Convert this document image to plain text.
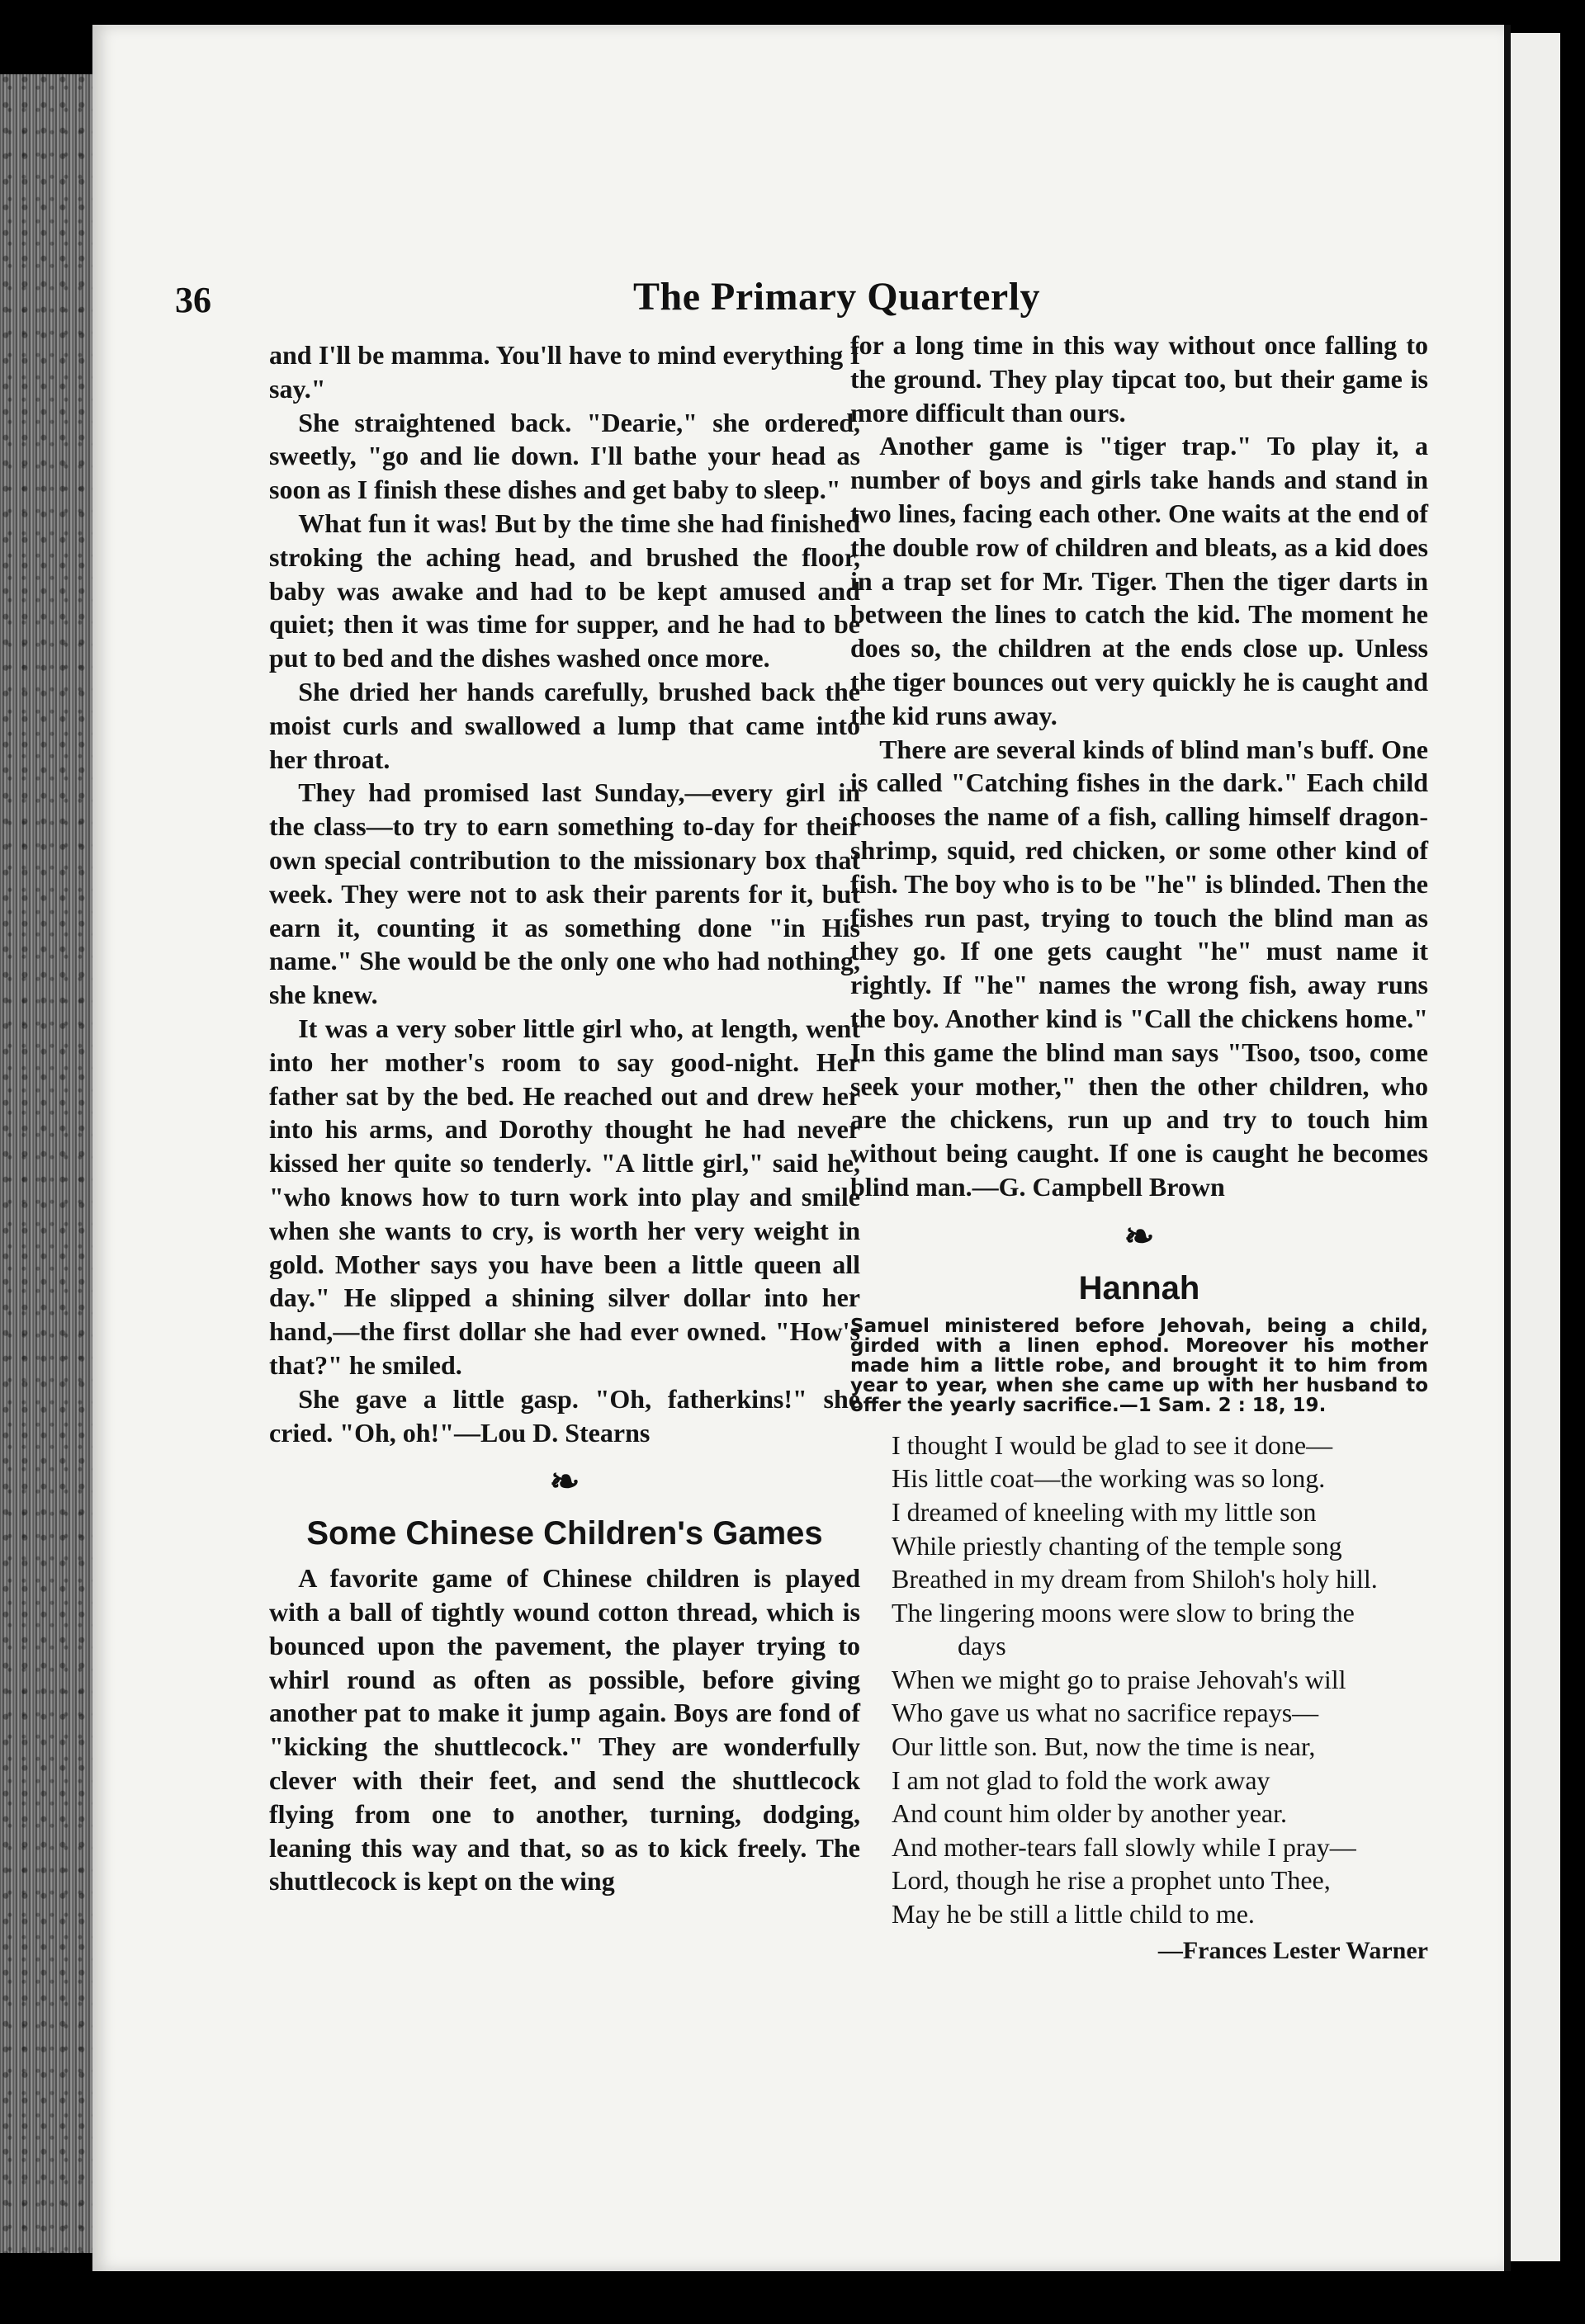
36	The Primary Quarterly

and I'll be mamma. You'll have to mind everything I say."

She straightened back. "Dearie," she ordered, sweetly, "go and lie down. I'll bathe your head as soon as I finish these dishes and get baby to sleep."

What fun it was! But by the time she had finished stroking the aching head, and brushed the floor, baby was awake and had to be kept amused and quiet; then it was time for supper, and he had to be put to bed and the dishes washed once more.

She dried her hands carefully, brushed back the moist curls and swallowed a lump that came into her throat.

They had promised last Sunday,—every girl in the class—to try to earn something to-day for their own special contribution to the missionary box that week. They were not to ask their parents for it, but earn it, counting it as something done "in His name." She would be the only one who had nothing, she knew.

It was a very sober little girl who, at length, went into her mother's room to say good-night. Her father sat by the bed. He reached out and drew her into his arms, and Dorothy thought he had never kissed her quite so tenderly. "A little girl," said he, "who knows how to turn work into play and smile when she wants to cry, is worth her very weight in gold. Mother says you have been a little queen all day." He slipped a shining silver dollar into her hand,—the first dollar she had ever owned. "How's that?" he smiled.

She gave a little gasp. "Oh, fatherkins!" she cried. "Oh, oh!"—Lou D. Stearns

❧
Some Chinese Children's Games

A favorite game of Chinese children is played with a ball of tightly wound cotton thread, which is bounced upon the pavement, the player trying to whirl round as often as possible, before giving another pat to make it jump again. Boys are fond of "kicking the shuttlecock." They are wonderfully clever with their feet, and send the shuttlecock flying from one to another, turning, dodging, leaning this way and that, so as to kick freely. The shuttlecock is kept on the wing

for a long time in this way without once falling to the ground. They play tipcat too, but their game is more difficult than ours.

Another game is "tiger trap." To play it, a number of boys and girls take hands and stand in two lines, facing each other. One waits at the end of the double row of children and bleats, as a kid does in a trap set for Mr. Tiger. Then the tiger darts in between the lines to catch the kid. The moment he does so, the children at the ends close up. Unless the tiger bounces out very quickly he is caught and the kid runs away.

There are several kinds of blind man's buff. One is called "Catching fishes in the dark." Each child chooses the name of a fish, calling himself dragon-shrimp, squid, red chicken, or some other kind of fish. The boy who is to be "he" is blinded. Then the fishes run past, trying to touch the blind man as they go. If one gets caught "he" must name it rightly. If "he" names the wrong fish, away runs the boy. Another kind is "Call the chickens home." In this game the blind man says "Tsoo, tsoo, come seek your mother," then the other children, who are the chickens, run up and try to touch him without being caught. If one is caught he becomes blind man.—G. Campbell Brown

❧
Hannah
Samuel ministered before Jehovah, being a child, girded with a linen ephod. Moreover his mother made him a little robe, and brought it to him from year to year, when she came up with her husband to offer the yearly sacrifice.—1 Sam. 2 : 18, 19.
I thought I would be glad to see it done—
His little coat—the working was so long.
I dreamed of kneeling with my little son
While priestly chanting of the temple song
Breathed in my dream from Shiloh's holy hill.
The lingering moons were slow to bring the
days
When we might go to praise Jehovah's will
Who gave us what no sacrifice repays—
Our little son. But, now the time is near,
I am not glad to fold the work away
And count him older by another year.
And mother-tears fall slowly while I pray—
Lord, though he rise a prophet unto Thee,
May he be still a little child to me.
—Frances Lester Warner
